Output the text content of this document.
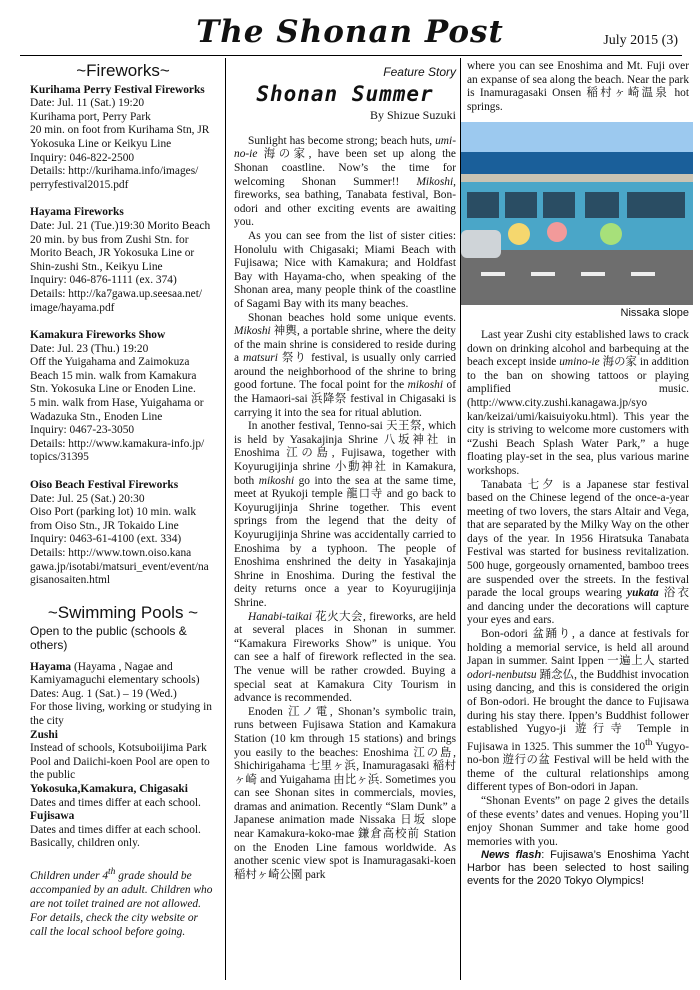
The Shonan Post	July 2015 (3)
~Fireworks~

Kurihama Perry Festival Fireworks

Date: Jul. 11 (Sat.) 19:20

Kurihama port, Perry Park

20 min. on foot from Kurihama Stn, JR Yokosuka Line or Keikyu Line

Inquiry: 046-822-2500

Details: http://kurihama.info/images/ perryfestival2015.pdf

Hayama Fireworks

Date: Jul. 21 (Tue.)19:30 Morito Beach

20 min. by bus from Zushi Stn. for Morito Beach, JR Yokosuka Line or Shin-zushi Stn., Keikyu Line

Inquiry: 046-876-1111 (ex. 374)

Details: http://ka7gawa.up.seesaa.net/ image/hayama.pdf

Kamakura Fireworks Show

Date: Jul. 23 (Thu.) 19:20

Off the Yuigahama and Zaimokuza Beach 15 min. walk from Kamakura Stn. Yokosuka Line or Enoden Line.

5 min. walk from Hase, Yuigahama or Wadazuka Stn., Enoden Line

Inquiry: 0467-23-3050

Details: http://www.kamakura-info.jp/ topics/31395

Oiso Beach Festival Fireworks

Date: Jul. 25 (Sat.) 20:30

Oiso Port (parking lot) 10 min. walk from Oiso Stn., JR Tokaido Line

Inquiry: 0463-61-4100 (ext. 334)

Details: http://www.town.oiso.kana gawa.jp/isotabi/matsuri_event/event/na gisanosaiten.html

~Swimming Pools ~
Open to the public (schools & others)

Hayama (Hayama , Nagae and Kamiyamaguchi elementary schools)

Dates: Aug. 1 (Sat.) – 19 (Wed.)

For those living, working or studying in the city

Zushi

Instead of schools, Kotsuboiijima Park Pool and Daiichi-koen Pool are open to the public

Yokosuka,Kamakura, Chigasaki

Dates and times differ at each school.

Fujisawa

Dates and times differ at each school. Basically, children only.

Children under 4th grade should be accompanied by an adult. Children who are not toilet trained are not allowed. For details, check the city website or call the local school before going.
Feature Story
Shonan Summer
By Shizue Suzuki

Sunlight has become strong; beach huts, umi-no-ie 海の家, have been set up along the Shonan coastline. Now’s the time for welcoming Shonan Summer!! Mikoshi, fireworks, sea bathing, Tanabata festival, Bon-odori and other exciting events are awaiting you.

As you can see from the list of sister cities: Honolulu with Chigasaki; Miami Beach with Fujisawa; Nice with Kamakura; and Holdfast Bay with Hayama-cho, when speaking of the Shonan area, many people think of the coastline of Sagami Bay with its many beaches.

Shonan beaches hold some unique events. Mikoshi 神輿, a portable shrine, where the deity of the main shrine is considered to reside during a matsuri 祭り festival, is usually only carried around the neighborhood of the shrine to bring good fortune. The focal point for the mikoshi of the Hamaori-sai 浜降祭 festival in Chigasaki is carrying it into the sea for ritual ablution.

In another festival, Tenno-sai 天王祭, which is held by Yasakajinja Shrine 八坂神社 in Enoshima 江の島, Fujisawa, together with Koyurugijinja shrine 小動神社 in Kamakura, both mikoshi go into the sea at the same time, meet at Ryukoji temple 龍口寺 and go back to Koyurugijinja Shrine together. This event springs from the legend that the deity of Koyurugijinja Shrine was accidentally carried to Enoshima by a typhoon. The people of Enoshima enshrined the deity in Yasakajinja Shrine in Enoshima. During the festival the deity returns once a year to Koyurugijinja Shrine.

Hanabi-taikai 花火大会, fireworks, are held at several places in Shonan in summer. “Kamakura Fireworks Show” is unique. You can see a half of firework reflected in the sea. The venue will be rather crowded. Buying a special seat at Kamakura City Tourism in advance is recommended.

Enoden 江ノ電, Shonan’s symbolic train, runs between Fujisawa Station and Kamakura Station (10 km through 15 stations) and brings you easily to the beaches: Enoshima 江の島, Shichirigahama 七里ヶ浜, Inamuragasaki 稲村ヶ崎 and Yuigahama 由比ヶ浜. Sometimes you can see Shonan sites in commercials, movies, dramas and animation. Recently “Slam Dunk” a Japanese animation made Nissaka 日坂 slope near Kamakura-koko-mae 鎌倉高校前 Station on the Enoden Line famous worldwide. As another scenic view spot is Inamuragasaki-koen 稲村ヶ崎公園 park

where you can see Enoshima and Mt. Fuji over an expanse of sea along the beach. Near the park is Inamuragasaki Onsen 稲村ヶ崎温泉 hot springs.

Nissaka slope

Last year Zushi city established laws to crack down on drinking alcohol and barbequing at the beach except inside umino-ie 海の家 in addition to the ban on showing tattoos or playing amplified music. (http://www.city.zushi.kanagawa.jp/syo kan/keizai/umi/kaisuiyoku.html). This year the city is striving to welcome more customers with “Zushi Beach Splash Water Park,” a huge floating play-set in the sea, plus various marine workshops.

Tanabata 七夕 is a Japanese star festival based on the Chinese legend of the once-a-year meeting of two lovers, the stars Altair and Vega, that are separated by the Milky Way on the other days of the year. In 1956 Hiratsuka Tanabata Festival was started for business revitalization. 500 huge, gorgeously ornamented, bamboo trees are suspended over the streets. In the festival parade the local groups wearing yukata 浴衣 and dancing under the decorations will capture your eyes and ears.

Bon-odori 盆踊り, a dance at festivals for holding a memorial service, is held all around Japan in summer. Saint Ippen 一遍上人 started odori-nenbutsu 踊念仏, the Buddhist invocation using dancing, and this is considered the origin of Bon-odori. He brought the dance to Fujisawa during his stay there. Ippen’s Buddhist follower established Yugyo-ji 遊行寺 Temple in Fujisawa in 1325. This summer the 10th Yugyo-no-bon 遊行の盆 Festival will be held with the theme of the cultural relationships among different types of Bon-odori in Japan.

“Shonan Events” on page 2 gives the details of these events’ dates and venues. Hoping you’ll enjoy Shonan Summer and take home good memories with you.

News flash: Fujisawa’s Enoshima Yacht Harbor has been selected to host sailing events for the 2020 Tokyo Olympics!
